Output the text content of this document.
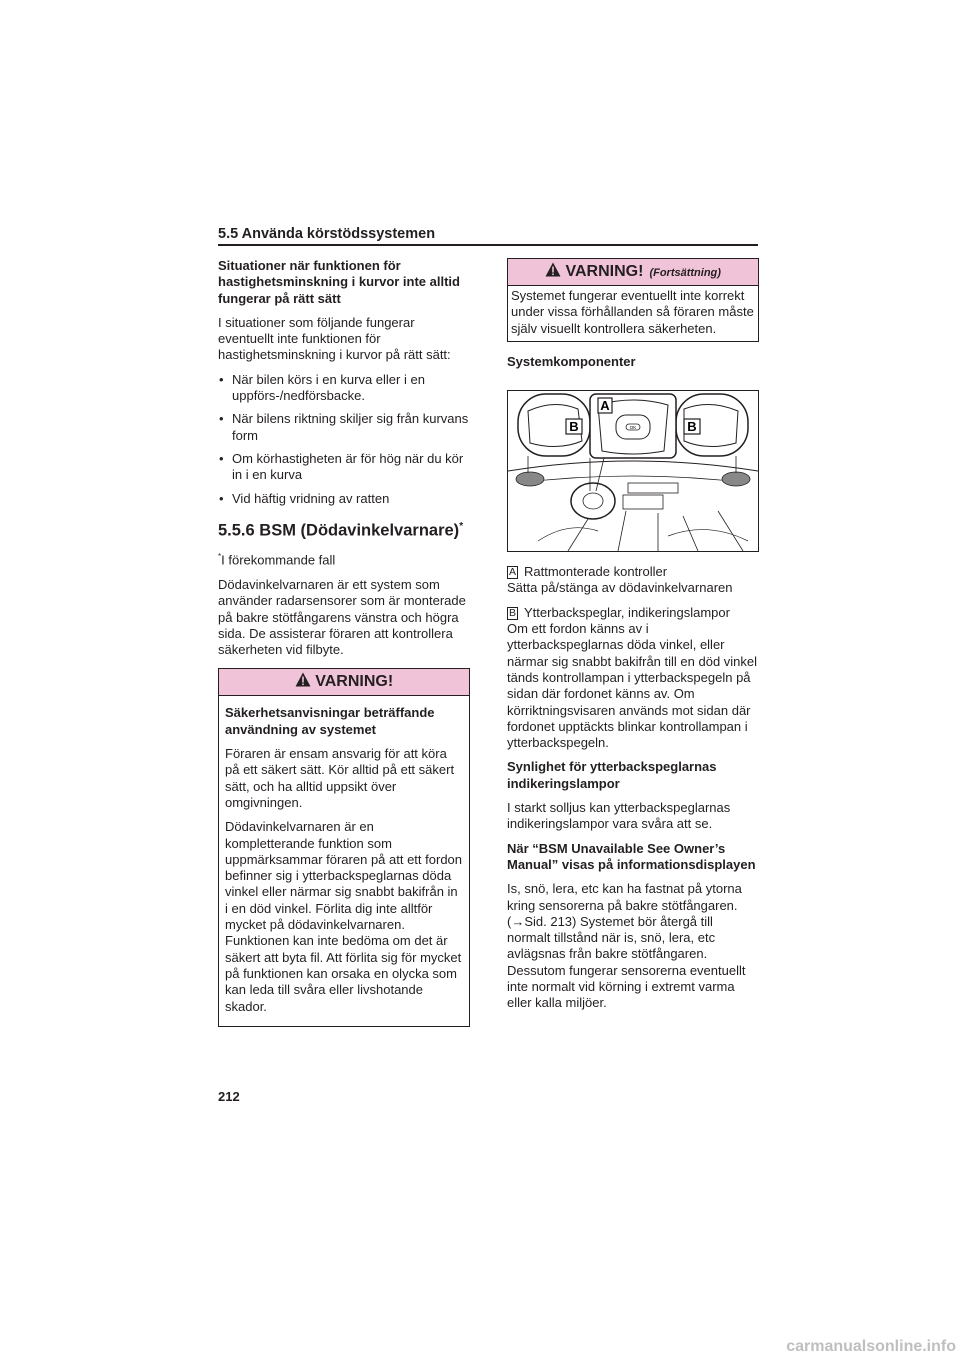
5.5 Använda körstödssystemen

Situationer när funktionen för hastighetsminskning i kurvor inte alltid fungerar på rätt sätt

I situationer som följande fungerar eventuellt inte funktionen för hastighetsminskning i kurvor på rätt sätt:

• När bilen körs i en kurva eller i en uppförs-/nedförsbacke.
• När bilens riktning skiljer sig från kurvans form
• Om körhastigheten är för hög när du kör in i en kurva
• Vid häftig vridning av ratten
5.5.6 BSM (Dödavinkelvarnare)*

*I förekommande fall

Dödavinkelvarnaren är ett system som använder radarsensorer som är monterade på bakre stötfångarens vänstra och högra sida. De assisterar föraren att kontrollera säkerheten vid filbyte.

VARNING!

Säkerhetsanvisningar beträffande användning av systemet

Föraren är ensam ansvarig för att köra på ett säkert sätt. Kör alltid på ett säkert sätt, och ha alltid uppsikt över omgivningen.

Dödavinkelvarnaren är en kompletterande funktion som uppmärksammar föraren på att ett fordon befinner sig i ytterbackspeglarnas döda vinkel eller närmar sig snabbt bakifrån in i en död vinkel. Förlita dig inte alltför mycket på dödavinkelvarnaren. Funktionen kan inte bedöma om det är säkert att byta fil. Att förlita sig för mycket på funktionen kan orsaka en olycka som kan leda till svåra eller livshotande skador.

VARNING! (Fortsättning)

Systemet fungerar eventuellt inte korrekt under vissa förhållanden så föraren måste själv visuellt kontrollera säkerheten.

Systemkomponenter

OK
A
B	B
A Rattmonterade kontroller
Sätta på/stänga av dödavinkelvarnaren
B Ytterbackspeglar, indikeringslampor
Om ett fordon känns av i ytterbackspeglarnas döda vinkel, eller närmar sig snabbt bakifrån till en död vinkel tänds kontrollampan i ytterbackspegeln på sidan där fordonet känns av. Om körriktningsvisaren används mot sidan där fordonet upptäckts blinkar kontrollampan i ytterbackspegeln.

Synlighet för ytterbackspeglarnas indikeringslampor

I starkt solljus kan ytterbackspeglarnas indikeringslampor vara svåra att se.

När “BSM Unavailable See Owner’s Manual” visas på informationsdisplayen

Is, snö, lera, etc kan ha fastnat på ytorna kring sensorerna på bakre stötfångaren. (→Sid. 213) Systemet bör återgå till normalt tillstånd när is, snö, lera, etc avlägsnas från bakre stötfångaren. Dessutom fungerar sensorerna eventuellt inte normalt vid körning i extremt varma eller kalla miljöer.

212
carmanualsonline.info
